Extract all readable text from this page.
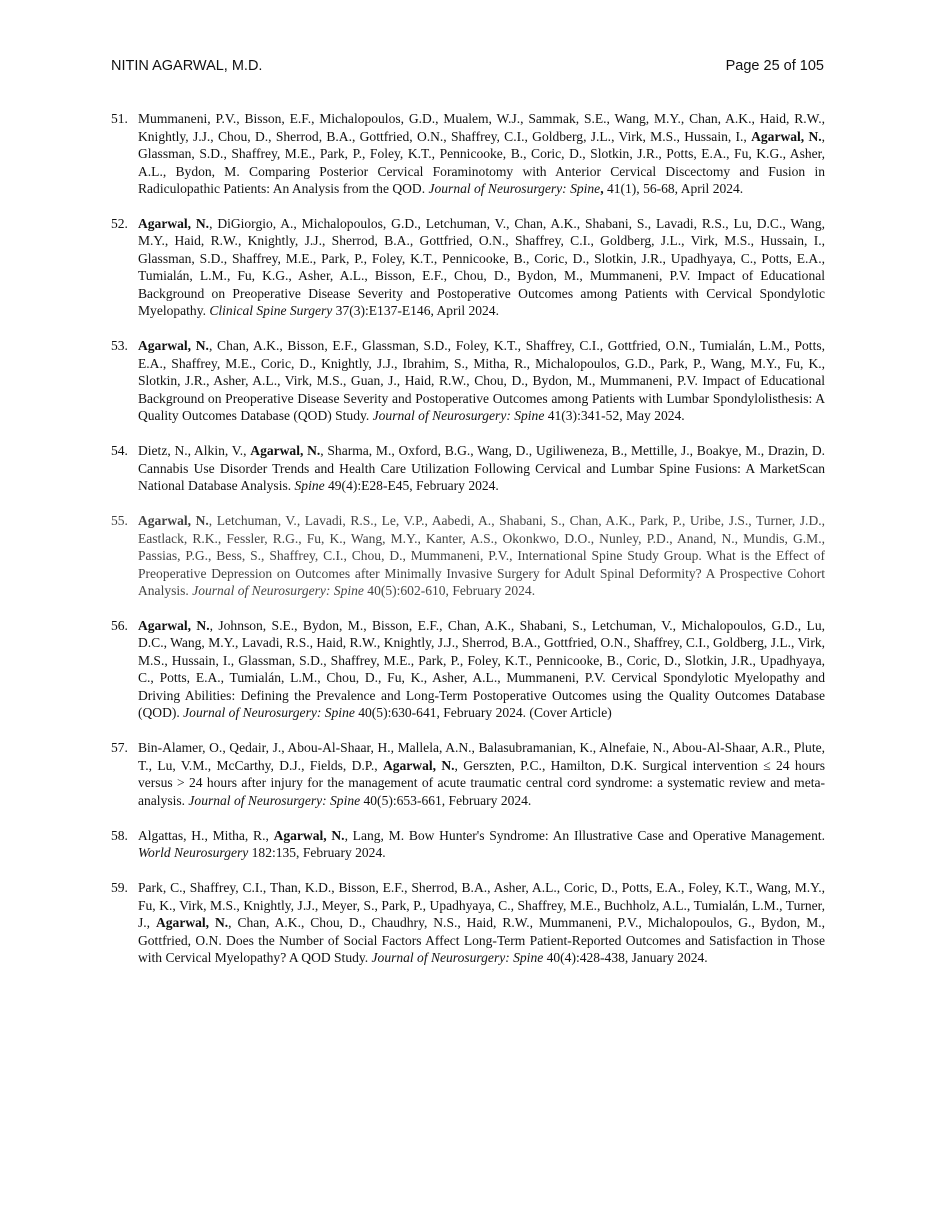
NITIN AGARWAL, M.D.	Page 25 of 105
51. Mummaneni, P.V., Bisson, E.F., Michalopoulos, G.D., Mualem, W.J., Sammak, S.E., Wang, M.Y., Chan, A.K., Haid, R.W., Knightly, J.J., Chou, D., Sherrod, B.A., Gottfried, O.N., Shaffrey, C.I., Goldberg, J.L., Virk, M.S., Hussain, I., Agarwal, N., Glassman, S.D., Shaffrey, M.E., Park, P., Foley, K.T., Pennicooke, B., Coric, D., Slotkin, J.R., Potts, E.A., Fu, K.G., Asher, A.L., Bydon, M. Comparing Posterior Cervical Foraminotomy with Anterior Cervical Discectomy and Fusion in Radiculopathic Patients: An Analysis from the QOD. Journal of Neurosurgery: Spine, 41(1), 56-68, April 2024.
52. Agarwal, N., DiGiorgio, A., Michalopoulos, G.D., Letchuman, V., Chan, A.K., Shabani, S., Lavadi, R.S., Lu, D.C., Wang, M.Y., Haid, R.W., Knightly, J.J., Sherrod, B.A., Gottfried, O.N., Shaffrey, C.I., Goldberg, J.L., Virk, M.S., Hussain, I., Glassman, S.D., Shaffrey, M.E., Park, P., Foley, K.T., Pennicooke, B., Coric, D., Slotkin, J.R., Upadhyaya, C., Potts, E.A., Tumialán, L.M., Fu, K.G., Asher, A.L., Bisson, E.F., Chou, D., Bydon, M., Mummaneni, P.V. Impact of Educational Background on Preoperative Disease Severity and Postoperative Outcomes among Patients with Cervical Spondylotic Myelopathy. Clinical Spine Surgery 37(3):E137-E146, April 2024.
53. Agarwal, N., Chan, A.K., Bisson, E.F., Glassman, S.D., Foley, K.T., Shaffrey, C.I., Gottfried, O.N., Tumialán, L.M., Potts, E.A., Shaffrey, M.E., Coric, D., Knightly, J.J., Ibrahim, S., Mitha, R., Michalopoulos, G.D., Park, P., Wang, M.Y., Fu, K., Slotkin, J.R., Asher, A.L., Virk, M.S., Guan, J., Haid, R.W., Chou, D., Bydon, M., Mummaneni, P.V. Impact of Educational Background on Preoperative Disease Severity and Postoperative Outcomes among Patients with Lumbar Spondylolisthesis: A Quality Outcomes Database (QOD) Study. Journal of Neurosurgery: Spine 41(3):341-52, May 2024.
54. Dietz, N., Alkin, V., Agarwal, N., Sharma, M., Oxford, B.G., Wang, D., Ugiliweneza, B., Mettille, J., Boakye, M., Drazin, D. Cannabis Use Disorder Trends and Health Care Utilization Following Cervical and Lumbar Spine Fusions: A MarketScan National Database Analysis. Spine 49(4):E28-E45, February 2024.
55. Agarwal, N., Letchuman, V., Lavadi, R.S., Le, V.P., Aabedi, A., Shabani, S., Chan, A.K., Park, P., Uribe, J.S., Turner, J.D., Eastlack, R.K., Fessler, R.G., Fu, K., Wang, M.Y., Kanter, A.S., Okonkwo, D.O., Nunley, P.D., Anand, N., Mundis, G.M., Passias, P.G., Bess, S., Shaffrey, C.I., Chou, D., Mummaneni, P.V., International Spine Study Group. What is the Effect of Preoperative Depression on Outcomes after Minimally Invasive Surgery for Adult Spinal Deformity? A Prospective Cohort Analysis. Journal of Neurosurgery: Spine 40(5):602-610, February 2024.
56. Agarwal, N., Johnson, S.E., Bydon, M., Bisson, E.F., Chan, A.K., Shabani, S., Letchuman, V., Michalopoulos, G.D., Lu, D.C., Wang, M.Y., Lavadi, R.S., Haid, R.W., Knightly, J.J., Sherrod, B.A., Gottfried, O.N., Shaffrey, C.I., Goldberg, J.L., Virk, M.S., Hussain, I., Glassman, S.D., Shaffrey, M.E., Park, P., Foley, K.T., Pennicooke, B., Coric, D., Slotkin, J.R., Upadhyaya, C., Potts, E.A., Tumialán, L.M., Chou, D., Fu, K., Asher, A.L., Mummaneni, P.V. Cervical Spondylotic Myelopathy and Driving Abilities: Defining the Prevalence and Long-Term Postoperative Outcomes using the Quality Outcomes Database (QOD). Journal of Neurosurgery: Spine 40(5):630-641, February 2024. (Cover Article)
57. Bin-Alamer, O., Qedair, J., Abou-Al-Shaar, H., Mallela, A.N., Balasubramanian, K., Alnefaie, N., Abou-Al-Shaar, A.R., Plute, T., Lu, V.M., McCarthy, D.J., Fields, D.P., Agarwal, N., Gerszten, P.C., Hamilton, D.K. Surgical intervention ≤ 24 hours versus > 24 hours after injury for the management of acute traumatic central cord syndrome: a systematic review and meta-analysis. Journal of Neurosurgery: Spine 40(5):653-661, February 2024.
58. Algattas, H., Mitha, R., Agarwal, N., Lang, M. Bow Hunter's Syndrome: An Illustrative Case and Operative Management. World Neurosurgery 182:135, February 2024.
59. Park, C., Shaffrey, C.I., Than, K.D., Bisson, E.F., Sherrod, B.A., Asher, A.L., Coric, D., Potts, E.A., Foley, K.T., Wang, M.Y., Fu, K., Virk, M.S., Knightly, J.J., Meyer, S., Park, P., Upadhyaya, C., Shaffrey, M.E., Buchholz, A.L., Tumialán, L.M., Turner, J., Agarwal, N., Chan, A.K., Chou, D., Chaudhry, N.S., Haid, R.W., Mummaneni, P.V., Michalopoulos, G., Bydon, M., Gottfried, O.N. Does the Number of Social Factors Affect Long-Term Patient-Reported Outcomes and Satisfaction in Those with Cervical Myelopathy? A QOD Study. Journal of Neurosurgery: Spine 40(4):428-438, January 2024.
